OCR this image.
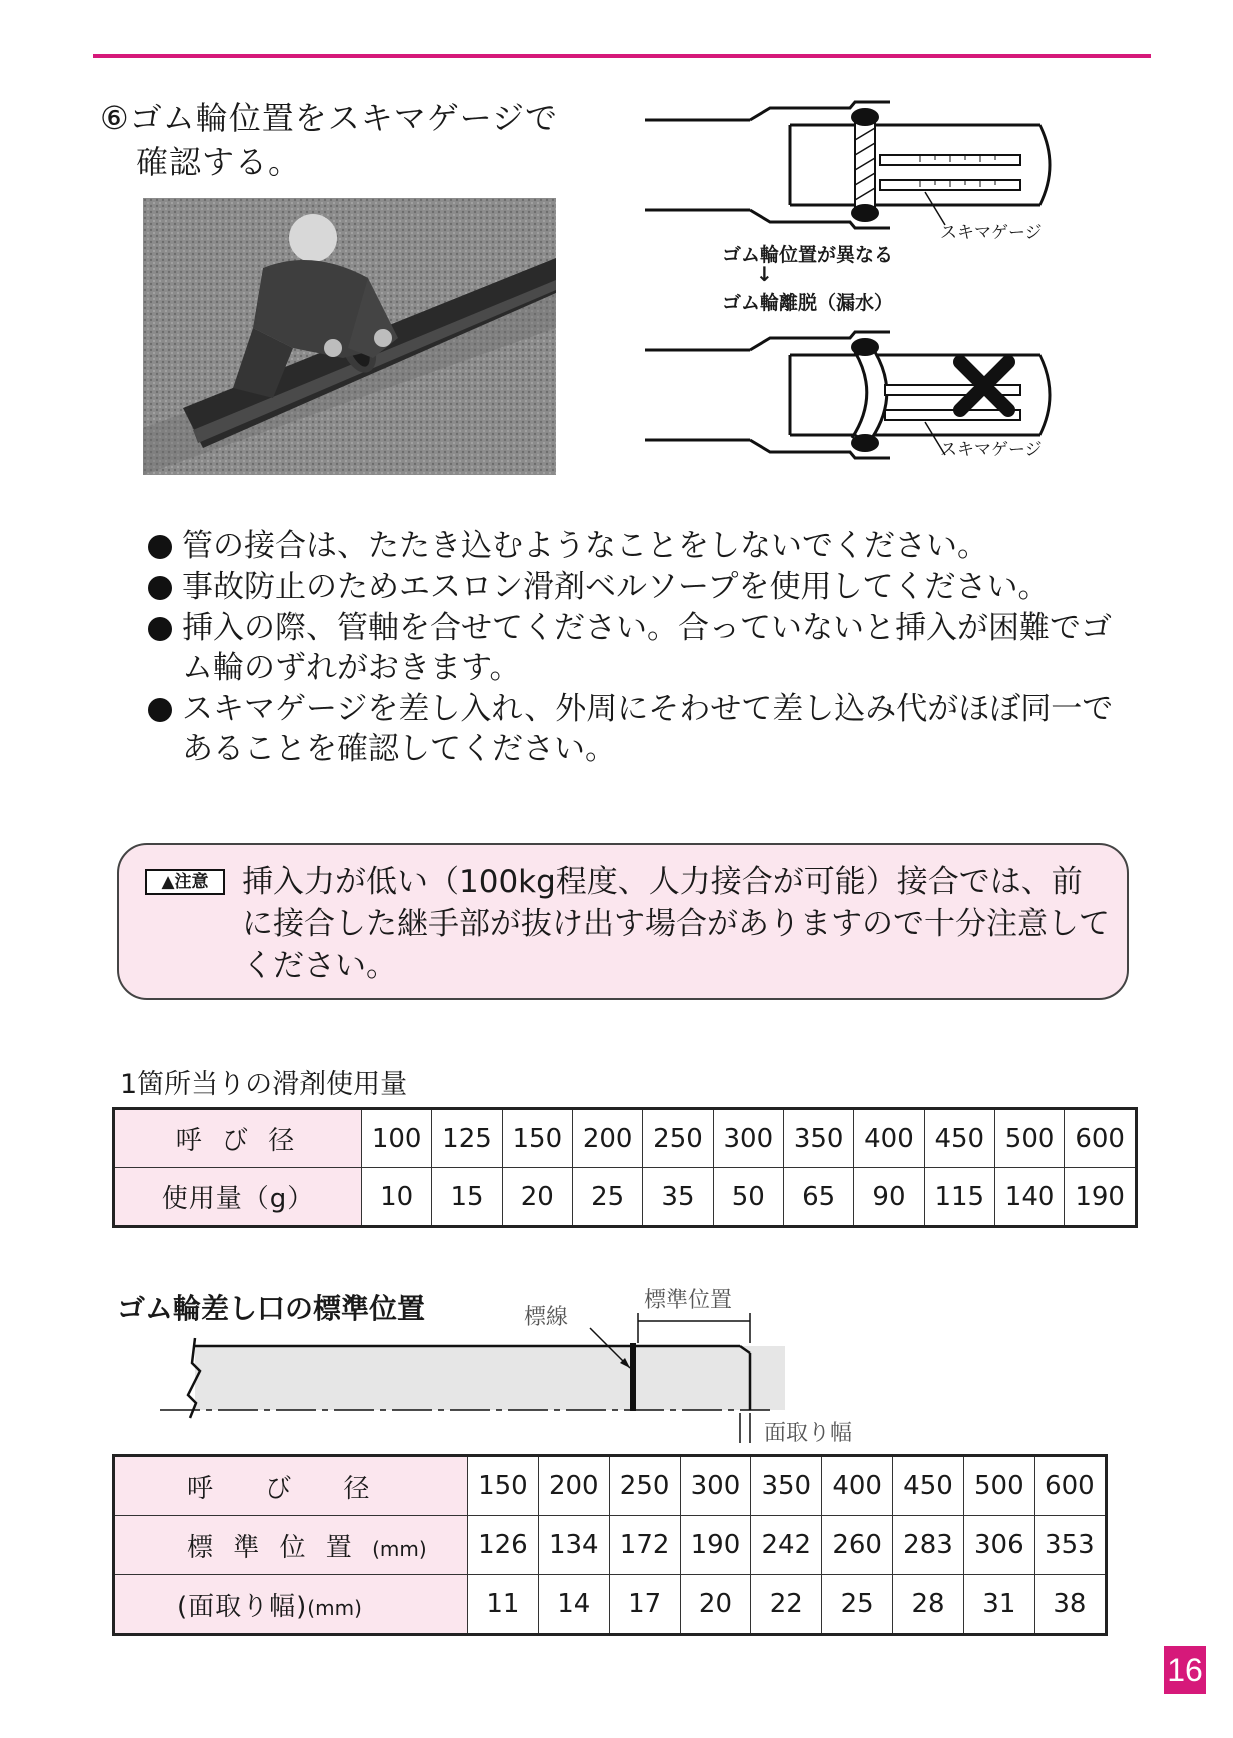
⑥ゴム輪位置をスキマゲージで
確認する。
スキマゲージ
ゴム輪位置が異なる
↓
ゴム輪離脱（漏水）
スキマゲージ
管の接合は、たたき込むようなことをしないでください。
事故防止のためエスロン滑剤ベルソープを使用してください。
挿入の際、管軸を合せてください。合っていないと挿入が困難でゴム輪のずれがおきます。
スキマゲージを差し入れ、外周にそわせて差し込み代がほぼ同一であることを確認してください。
▲注意	挿入力が低い（100kg程度、人力接合が可能）接合では、前に接合した継手部が抜け出す場合がありますので十分注意してください。
1箇所当りの滑剤使用量
呼 び 径	100	125	150	200	250	300	350	400	450	500	600
使用量（g）	10	15	20	25	35	50	65	90	115	140	190
ゴム輪差し口の標準位置	標線
標準位置
面取り幅
呼　 び　 径	150	200	250	300	350	400	450	500	600
標 準 位 置 (mm)	126	134	172	190	242	260	283	306	353
(面取り幅)(mm)	11	14	17	20	22	25	28	31	38
16
